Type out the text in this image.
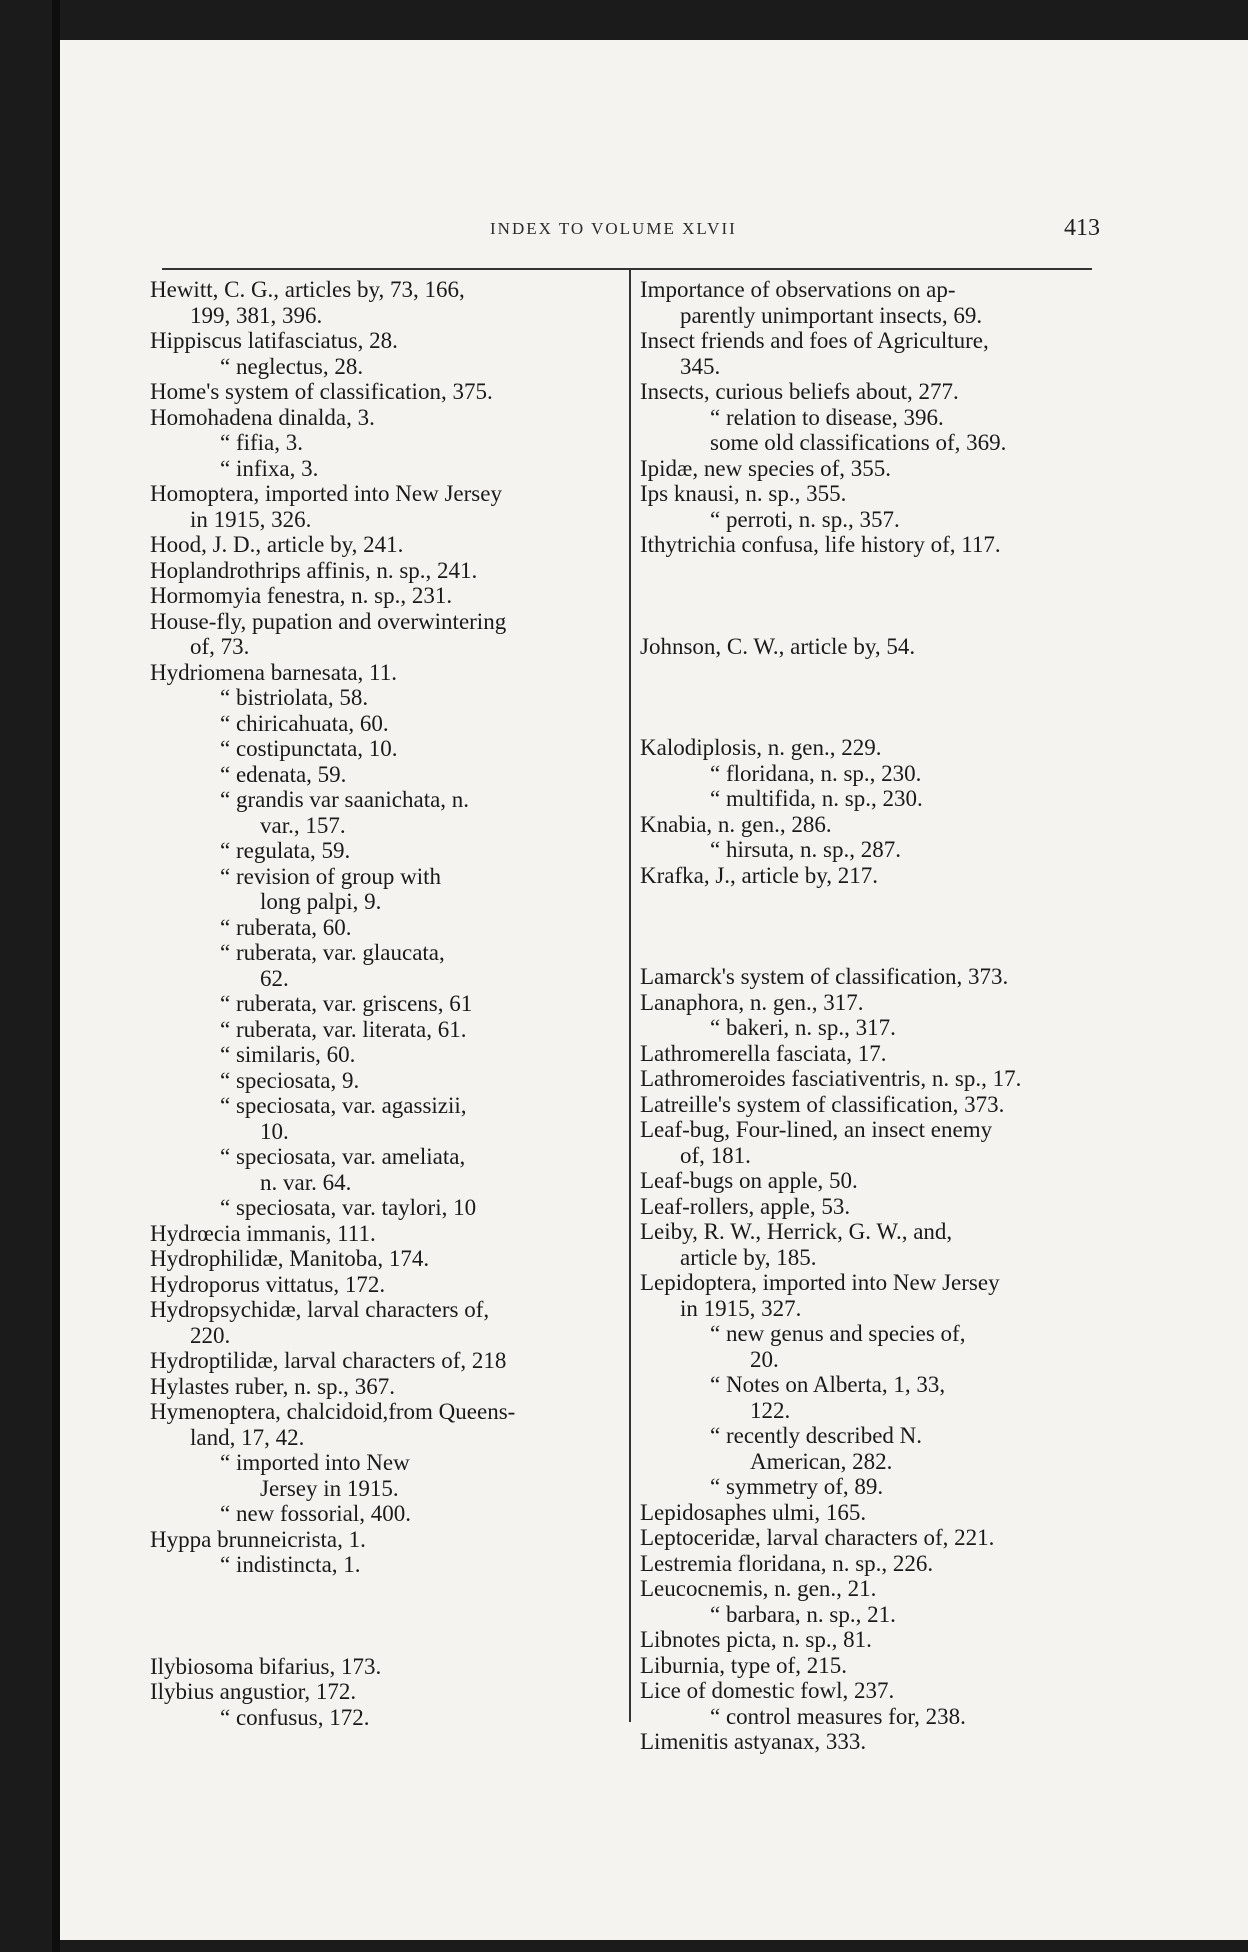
INDEX TO VOLUME XLVII	413
Hewitt, C. G., articles by, 73, 166,
199, 381, 396.
Hippiscus latifasciatus, 28.
“ neglectus, 28.
Home's system of classification, 375.
Homohadena dinalda, 3.
“ fifia, 3.
“ infixa, 3.
Homoptera, imported into New Jersey
in 1915, 326.
Hood, J. D., article by, 241.
Hoplandrothrips affinis, n. sp., 241.
Hormomyia fenestra, n. sp., 231.
House-fly, pupation and overwintering
of, 73.
Hydriomena barnesata, 11.
“ bistriolata, 58.
“ chiricahuata, 60.
“ costipunctata, 10.
“ edenata, 59.
“ grandis var saanichata, n.
var., 157.
“ regulata, 59.
“ revision of group with
long palpi, 9.
“ ruberata, 60.
“ ruberata, var. glaucata,
62.
“ ruberata, var. griscens, 61
“ ruberata, var. literata, 61.
“ similaris, 60.
“ speciosata, 9.
“ speciosata, var. agassizii,
10.
“ speciosata, var. ameliata,
n. var. 64.
“ speciosata, var. taylori, 10
Hydrœcia immanis, 111.
Hydrophilidæ, Manitoba, 174.
Hydroporus vittatus, 172.
Hydropsychidæ, larval characters of,
220.
Hydroptilidæ, larval characters of, 218
Hylastes ruber, n. sp., 367.
Hymenoptera, chalcidoid,from Queens-
land, 17, 42.
“ imported into New
Jersey in 1915.
“ new fossorial, 400.
Hyppa brunneicrista, 1.
“ indistincta, 1.
Ilybiosoma bifarius, 173.
Ilybius angustior, 172.
“ confusus, 172.
Importance of observations on ap-
parently unimportant insects, 69.
Insect friends and foes of Agriculture,
345.
Insects, curious beliefs about, 277.
“ relation to disease, 396.
some old classifications of, 369.
Ipidæ, new species of, 355.
Ips knausi, n. sp., 355.
“ perroti, n. sp., 357.
Ithytrichia confusa, life history of, 117.
Johnson, C. W., article by, 54.
Kalodiplosis, n. gen., 229.
“ floridana, n. sp., 230.
“ multifida, n. sp., 230.
Knabia, n. gen., 286.
“ hirsuta, n. sp., 287.
Krafka, J., article by, 217.
Lamarck's system of classification, 373.
Lanaphora, n. gen., 317.
“ bakeri, n. sp., 317.
Lathromerella fasciata, 17.
Lathromeroides fasciativentris, n. sp., 17.
Latreille's system of classification, 373.
Leaf-bug, Four-lined, an insect enemy
of, 181.
Leaf-bugs on apple, 50.
Leaf-rollers, apple, 53.
Leiby, R. W., Herrick, G. W., and,
article by, 185.
Lepidoptera, imported into New Jersey
in 1915, 327.
“ new genus and species of,
20.
“ Notes on Alberta, 1, 33,
122.
“ recently described N.
American, 282.
“ symmetry of, 89.
Lepidosaphes ulmi, 165.
Leptoceridæ, larval characters of, 221.
Lestremia floridana, n. sp., 226.
Leucocnemis, n. gen., 21.
“ barbara, n. sp., 21.
Libnotes picta, n. sp., 81.
Liburnia, type of, 215.
Lice of domestic fowl, 237.
“ control measures for, 238.
Limenitis astyanax, 333.
